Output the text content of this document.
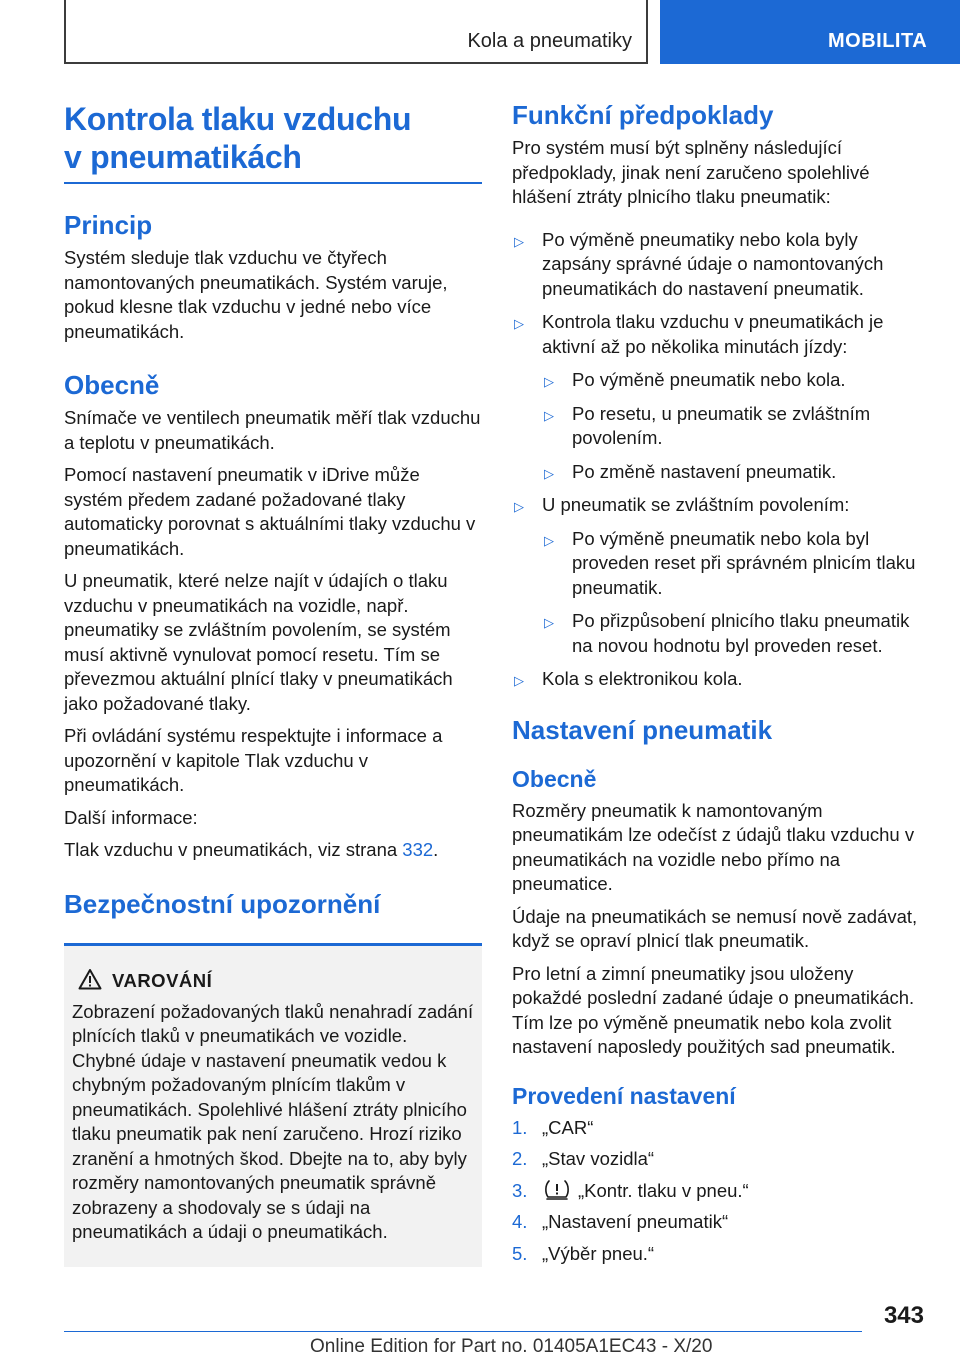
Kola a pneumatiky	MOBILITA
Kontrola tlaku vzduchu
v pneumatikách
Princip

Systém sleduje tlak vzduchu ve čtyřech namontovaných pneumatikách. Systém varuje, pokud klesne tlak vzduchu v jedné nebo více pneumatikách.

Obecně

Snímače ve ventilech pneumatik měří tlak vzduchu a teplotu v pneumatikách.

Pomocí nastavení pneumatik v iDrive může systém předem zadané požadované tlaky automaticky porovnat s aktuálními tlaky vzduchu v pneumatikách.

U pneumatik, které nelze najít v údajích o tlaku vzduchu v pneumatikách na vozidle, např. pneumatiky se zvláštním povolením, se systém musí aktivně vynulovat pomocí resetu. Tím se převezmou aktuální plnící tlaky v pneumatikách jako požadované tlaky.

Při ovládání systému respektujte i informace a upozornění v kapitole Tlak vzduchu v pneumatikách.

Další informace:

Tlak vzduchu v pneumatikách, viz strana 332.

Bezpečnostní upozornění
VAROVÁNÍ

Zobrazení požadovaných tlaků nenahradí zadání plnících tlaků v pneumatikách ve vozidle. Chybné údaje v nastavení pneumatik vedou k chybným požadovaným plnícím tlakům v pneumatikách. Spolehlivé hlášení ztráty plnicího tlaku pneumatik pak není zaručeno. Hrozí riziko zranění a hmotných škod. Dbejte na to, aby byly rozměry namontovaných pneumatik správně zobrazeny a shodovaly se s údaji na pneumatikách a údaji o pneumatikách.

Funkční předpoklady

Pro systém musí být splněny následující předpoklady, jinak není zaručeno spolehlivé hlášení ztráty plnicího tlaku pneumatik:

▷ Po výměně pneumatiky nebo kola byly zapsány správné údaje o namontovaných pneumatikách do nastavení pneumatik.
▷ Kontrola tlaku vzduchu v pneumatikách je aktivní až po několika minutách jízdy:
▷ Po výměně pneumatik nebo kola.
▷ Po resetu, u pneumatik se zvláštním povolením.
▷ Po změně nastavení pneumatik.
▷ U pneumatik se zvláštním povolením:
▷ Po výměně pneumatik nebo kola byl proveden reset při správném plnicím tlaku pneumatik.
▷ Po přizpůsobení plnicího tlaku pneumatik na novou hodnotu byl proveden reset.
▷ Kola s elektronikou kola.
Nastavení pneumatik
Obecně

Rozměry pneumatik k namontovaným pneumatikám lze odečíst z údajů tlaku vzduchu v pneumatikách na vozidle nebo přímo na pneumatice.

Údaje na pneumatikách se nemusí nově zadávat, když se opraví plnicí tlak pneumatik.

Pro letní a zimní pneumatiky jsou uloženy pokaždé poslední zadané údaje o pneumatikách. Tím lze po výměně pneumatik nebo kola zvolit nastavení naposledy použitých sad pneumatik.

Provedení nastavení
1. „CAR“
2. „Stav vozidla“
3.	„Kontr. tlaku v pneu.“
4. „Nastavení pneumatik“
5. „Výběr pneu.“
343
Online Edition for Part no. 01405A1EC43 - X/20
